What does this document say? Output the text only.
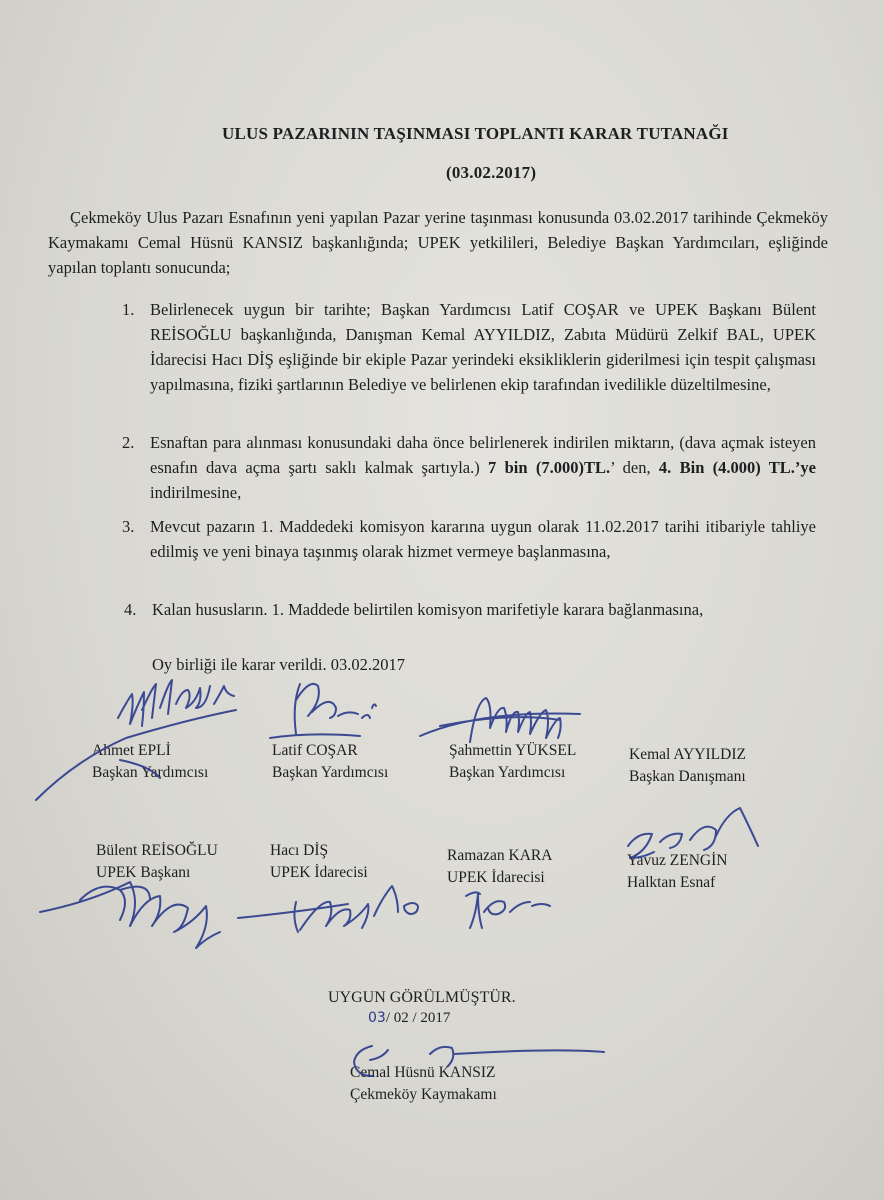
ULUS PAZARININ TAŞINMASI TOPLANTI KARAR TUTANAĞI
(03.02.2017)
Çekmeköy Ulus Pazarı Esnafının yeni yapılan Pazar yerine taşınması konusunda 03.02.2017 tarihinde Çekmeköy Kaymakamı Cemal Hüsnü KANSIZ başkanlığında; UPEK yetkilileri, Belediye Başkan Yardımcıları, eşliğinde yapılan toplantı sonucunda;
1. Belirlenecek uygun bir tarihte; Başkan Yardımcısı Latif COŞAR ve UPEK Başkanı Bülent REİSOĞLU başkanlığında, Danışman Kemal AYYILDIZ, Zabıta Müdürü Zelkif BAL, UPEK İdarecisi Hacı DİŞ eşliğinde bir ekiple Pazar yerindeki eksikliklerin giderilmesi için tespit çalışması yapılmasına, fiziki şartlarının Belediye ve belirlenen ekip tarafından ivedilikle düzeltilmesine,
2. Esnaftan para alınması konusundaki daha önce belirlenerek indirilen miktarın, (dava açmak isteyen esnafın dava açma şartı saklı kalmak şartıyla.) 7 bin (7.000)TL.’ den, 4. Bin (4.000) TL.’ye indirilmesine,
3. Mevcut pazarın 1. Maddedeki komisyon kararına uygun olarak 11.02.2017 tarihi itibariyle tahliye edilmiş ve yeni binaya taşınmış olarak hizmet vermeye başlanmasına,
4. Kalan hususların. 1. Maddede belirtilen komisyon marifetiyle karara bağlanmasına,
Oy birliği ile karar verildi. 03.02.2017
Ahmet EPLİ
Başkan Yardımcısı
Latif COŞAR
Başkan Yardımcısı
Şahmettin YÜKSEL
Başkan Yardımcısı
Kemal AYYILDIZ
Başkan Danışmanı
Bülent REİSOĞLU
UPEK Başkanı
Hacı DİŞ
UPEK İdarecisi
Ramazan KARA
UPEK İdarecisi
Yavuz ZENGİN
Halktan Esnaf
UYGUN GÖRÜLMÜŞTÜR.
03/ 02 / 2017
Cemal Hüsnü KANSIZ
Çekmeköy Kaymakamı
